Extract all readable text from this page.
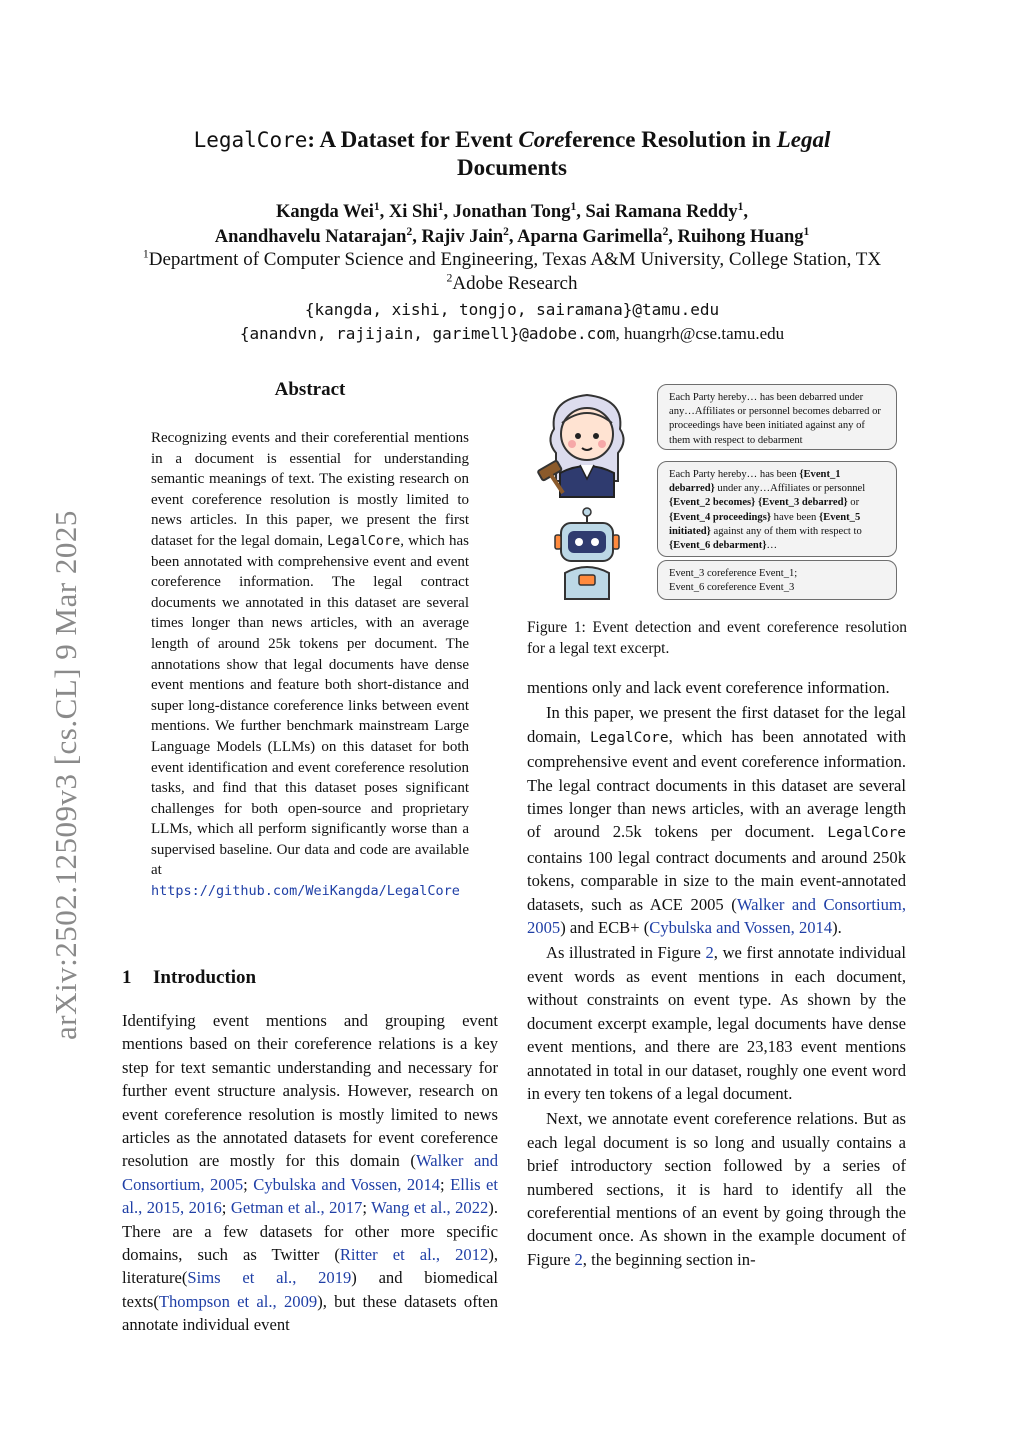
arXiv:2502.12509v3 [cs.CL] 9 Mar 2025
LegalCore: A Dataset for Event Coreference Resolution in Legal
Documents
Kangda Wei$^1$, Xi Shi$^1$, Jonathan Tong$^1$, Sai Ramana Reddy$^1$,
Anandhavelu Natarajan$^2$, Rajiv Jain$^2$, Aparna Garimella$^2$, Ruihong Huang$^1$
$^1$Department of Computer Science and Engineering, Texas A&M University, College Station, TX
$^2$Adobe Research
{kangda, xishi, tongjo, sairamana}@tamu.edu
{anandvn, rajijain, garimell}@adobe.com, huangrh@cse.tamu.edu
Abstract
Recognizing events and their coreferential mentions in a document is essential for understanding semantic meanings of text. The existing research on event coreference resolution is mostly limited to news articles. In this paper, we present the first dataset for the legal domain, LegalCore, which has been annotated with comprehensive event and event coreference information. The legal contract documents we annotated in this dataset are several times longer than news articles, with an average length of around 25k tokens per document. The annotations show that legal documents have dense event mentions and feature both short-distance and super long-distance coreference links between event mentions. We further benchmark mainstream Large Language Models (LLMs) on this dataset for both event identification and event coreference resolution tasks, and find that this dataset poses significant challenges for both open-source and proprietary LLMs, which all perform significantly worse than a supervised baseline. Our data and code are available at https://github.com/WeiKangda/LegalCore
1 Introduction
Identifying event mentions and grouping event mentions based on their coreference relations is a key step for text semantic understanding and necessary for further event structure analysis. However, research on event coreference resolution is mostly limited to news articles as the annotated datasets for event coreference resolution are mostly for this domain (Walker and Consortium, 2005; Cybulska and Vossen, 2014; Ellis et al., 2015, 2016; Getman et al., 2017; Wang et al., 2022). There are a few datasets for other more specific domains, such as Twitter (Ritter et al., 2012), literature(Sims et al., 2019) and biomedical texts(Thompson et al., 2009), but these datasets often annotate individual event
Each Party hereby… has been debarred under any…Affiliates or personnel becomes debarred or proceedings have been initiated against any of them with respect to debarment
Each Party hereby… has been {Event_1 debarred} under any…Affiliates or personnel {Event_2 becomes} {Event_3 debarred} or {Event_4 proceedings} have been {Event_5 initiated} against any of them with respect to {Event_6 debarment}…
Event_3 coreference Event_1;
Event_6 coreference Event_3
Figure 1: Event detection and event coreference resolution for a legal text excerpt.

mentions only and lack event coreference information.

In this paper, we present the first dataset for the legal domain, LegalCore, which has been annotated with comprehensive event and event coreference information. The legal contract documents in this dataset are several times longer than news articles, with an average length of around 2.5k tokens per document. LegalCore contains 100 legal contract documents and around 250k tokens, comparable in size to the main event-annotated datasets, such as ACE 2005 (Walker and Consortium, 2005) and ECB+ (Cybulska and Vossen, 2014).

As illustrated in Figure 2, we first annotate individual event words as event mentions in each document, without constraints on event type. As shown by the document excerpt example, legal documents have dense event mentions, and there are 23,183 event mentions annotated in total in our dataset, roughly one event word in every ten tokens of a legal document.

Next, we annotate event coreference relations. But as each legal document is so long and usually contains a brief introductory section followed by a series of numbered sections, it is hard to identify all the coreferential mentions of an event by going through the document once. As shown in the example document of Figure 2, the beginning section in-
